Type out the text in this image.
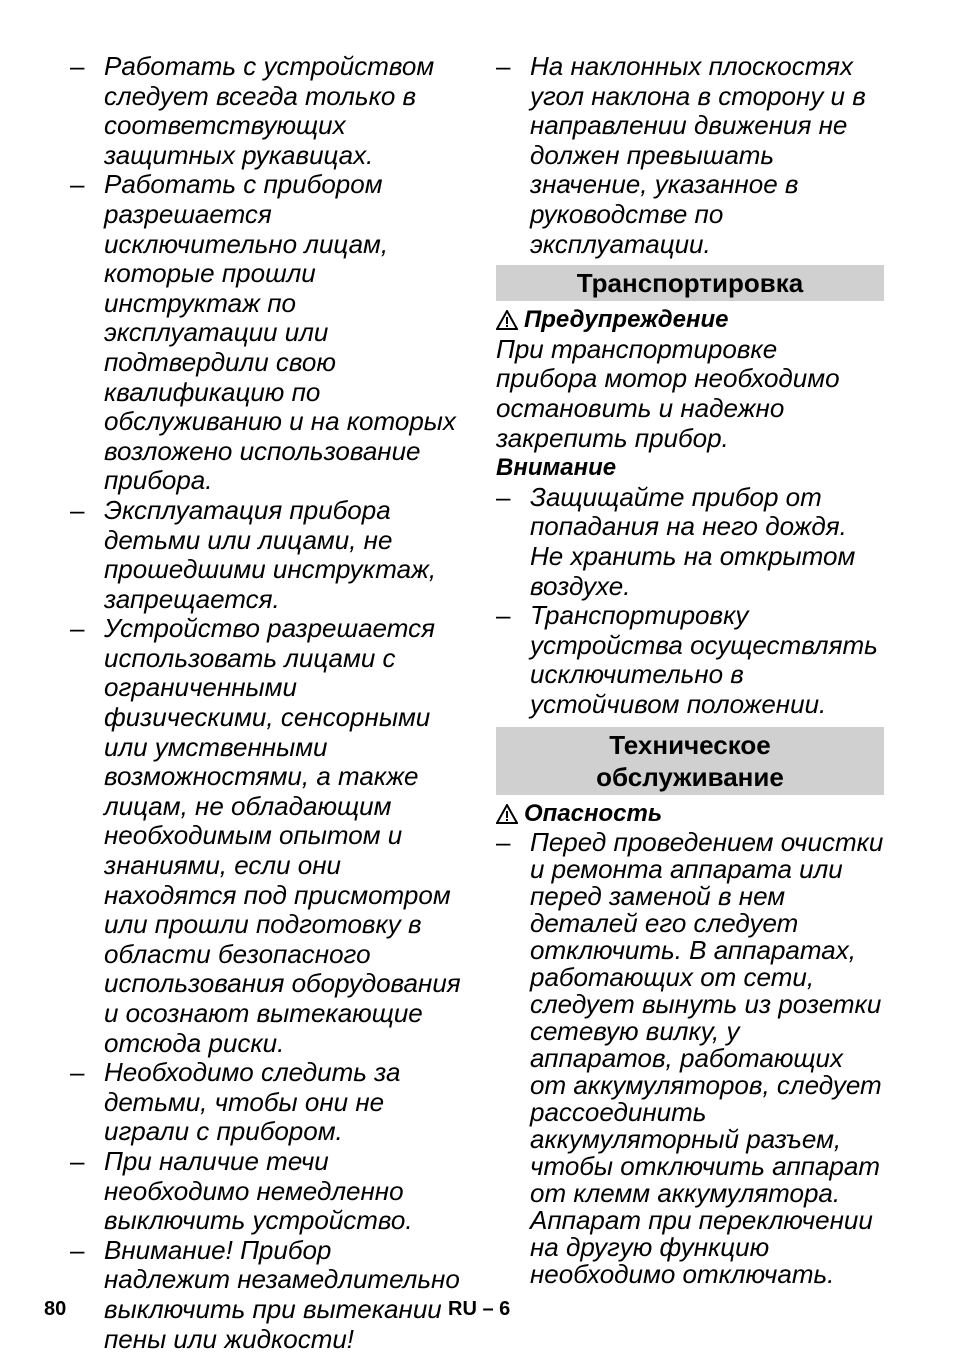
– Работать с устройством следует всегда только в соответствующих защитных рукавицах.
– Работать с прибором разрешается исключительно лицам, которые прошли инструктаж по эксплуатации или подтвердили свою квалификацию по обслуживанию и на которых возложено использование прибора.
– Эксплуатация прибора детьми или лицами, не прошедшими инструктаж, запрещается.
– Устройство разрешается использовать лицами с ограниченными физическими, сенсорными или умственными возможностями, а также лицам, не обладающим необходимым опытом и знаниями, если они находятся под присмотром или прошли подготовку в области безопасного использования оборудования и осознают вытекающие отсюда риски.
– Необходимо следить за детьми, чтобы они не играли с прибором.
– При наличие течи необходимо немедленно выключить устройство.
– Внимание! Прибор надлежит незамедлительно выключить при вытекании пены или жидкости!
– На наклонных плоскостях угол наклона в сторону и в направлении движения не должен превышать значение, указанное в руководстве по эксплуатации.
Транспортировка
Предупреждение
При транспортировке прибора мотор необходимо остановить и надежно закрепить прибор.
Внимание
– Защищайте прибор от попадания на него дождя. Не хранить на открытом воздухе.
– Транспортировку устройства осуществлять исключительно в устойчивом положении.
Техническое
обслуживание
Опасность
– Перед проведением очистки и ремонта аппарата или перед заменой в нем деталей его следует отключить. В аппаратах, работающих от сети, следует вынуть из розетки сетевую вилку, у аппаратов, работающих от аккумуляторов, следует рассоединить аккумуляторный разъем, чтобы отключить аппарат от клемм аккумулятора. Аппарат при переключении на другую функцию необходимо отключать.
80	RU – 6
